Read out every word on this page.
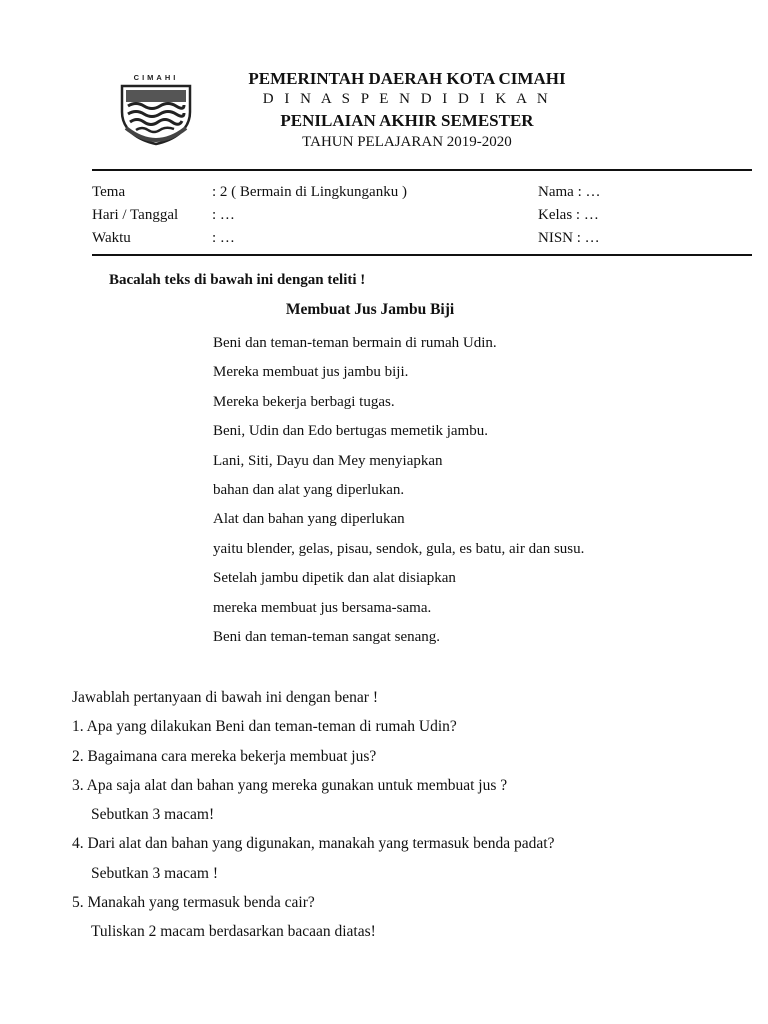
CIMAHI	PEMERINTAH DAERAH KOTA CIMAHI
D I N A S P E N D I D I K A N
PENILAIAN AKHIR SEMESTER
TAHUN PELAJARAN 2019-2020
Tema	: 2 ( Bermain di Lingkunganku )	Nama : …
Hari / Tanggal : …	Kelas : …
Waktu	: …	NISN : …
Bacalah teks di bawah ini dengan teliti !
Membuat Jus Jambu Biji
Beni dan teman-teman bermain di rumah Udin.
Mereka membuat jus jambu biji.
Mereka bekerja berbagi tugas.
Beni, Udin dan Edo bertugas memetik jambu.
Lani, Siti, Dayu dan Mey menyiapkan
bahan dan alat yang diperlukan.
Alat dan bahan yang diperlukan
yaitu blender, gelas, pisau, sendok, gula, es batu, air dan susu.
Setelah jambu dipetik dan alat disiapkan
mereka membuat jus bersama-sama.
Beni dan teman-teman sangat senang.
Jawablah pertanyaan di bawah ini dengan benar !
1. Apa yang dilakukan Beni dan teman-teman di rumah Udin?
2. Bagaimana cara mereka bekerja membuat jus?
3. Apa saja alat dan bahan yang mereka gunakan untuk membuat jus ?
Sebutkan 3 macam!
4. Dari alat dan bahan yang digunakan, manakah yang termasuk benda padat?
Sebutkan 3 macam !
5. Manakah yang termasuk benda cair?
Tuliskan 2 macam berdasarkan bacaan diatas!
